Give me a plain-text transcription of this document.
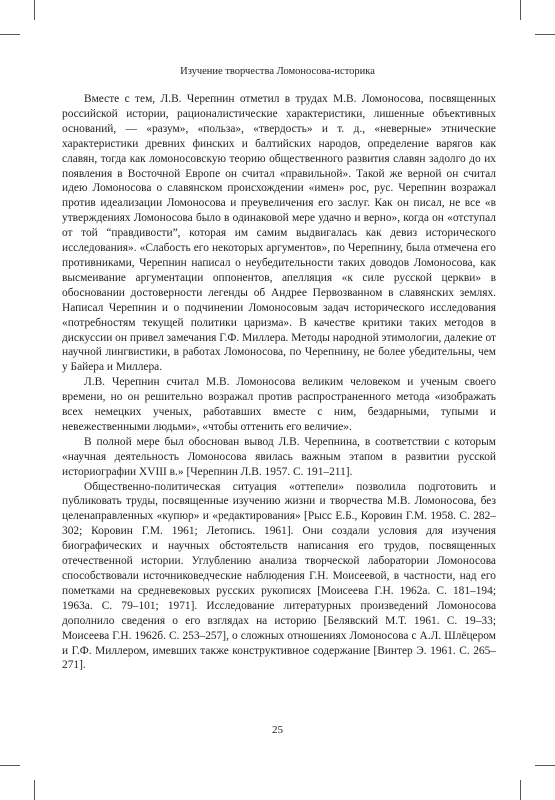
Изучение творчества Ломоносова-историка

Вместе с тем, Л.В. Черепнин отметил в трудах М.В. Ломоносова, посвященных российской истории, рационалистические характеристики, лишенные объективных оснований, — «разум», «польза», «твердость» и т. д., «неверные» этнические характеристики древних финских и балтийских народов, определение варягов как славян, тогда как ломоносовскую теорию общественного развития славян задолго до их появления в Восточной Европе он считал «правильной». Такой же верной он считал идею Ломоносова о славянском происхождении «имен» рос, рус. Черепнин возражал против идеализации Ломоносова и преувеличения его заслуг. Как он писал, не все «в утверждениях Ломоносова было в одинаковой мере удачно и верно», когда он «отступал от той “правдивости”, которая им самим выдвигалась как девиз исторического исследования». «Слабость его некоторых аргументов», по Черепнину, была отмечена его противниками, Черепнин написал о неубедительности таких доводов Ломоносова, как высмеивание аргументации оппонентов, апелляция «к силе русской церкви» в обосновании достоверности легенды об Андрее Первозванном в славянских землях. Написал Черепнин и о подчинении Ломоносовым задач исторического исследования «потребностям текущей политики царизма». В качестве критики таких методов в дискуссии он привел замечания Г.Ф. Миллера. Методы народной этимологии, далекие от научной лингвистики, в работах Ломоносова, по Черепнину, не более убедительны, чем у Байера и Миллера.

Л.В. Черепнин считал М.В. Ломоносова великим человеком и ученым своего времени, но он решительно возражал против распространенного метода «изображать всех немецких ученых, работавших вместе с ним, бездарными, тупыми и невежественными людьми», «чтобы оттенить его величие».

В полной мере был обоснован вывод Л.В. Черепнина, в соответствии с которым «научная деятельность Ломоносова явилась важным этапом в развитии русской историографии XVIII в.» [Черепнин Л.В. 1957. С. 191–211].

Общественно-политическая ситуация «оттепели» позволила подготовить и публиковать труды, посвященные изучению жизни и творчества М.В. Ломоносова, без целенаправленных «купюр» и «редактирования» [Рысс Е.Б., Коровин Г.М. 1958. С. 282–302; Коровин Г.М. 1961; Летопись. 1961]. Они создали условия для изучения биографических и научных обстоятельств написания его трудов, посвященных отечественной истории. Углублению анализа творческой лаборатории Ломоносова способствовали источниковедческие наблюдения Г.Н. Моисеевой, в частности, над его пометками на средневековых русских рукописях [Моисеева Г.Н. 1962а. С. 181–194; 1963а. С. 79–101; 1971]. Исследование литературных произведений Ломоносова дополнило сведения о его взглядах на историю [Белявский М.Т. 1961. С. 19–33; Моисеева Г.Н. 1962б. С. 253–257], о сложных отношениях Ломоносова с А.Л. Шлёцером и Г.Ф. Миллером, имевших также конструктивное содержание [Винтер Э. 1961. С. 265–271].

25
